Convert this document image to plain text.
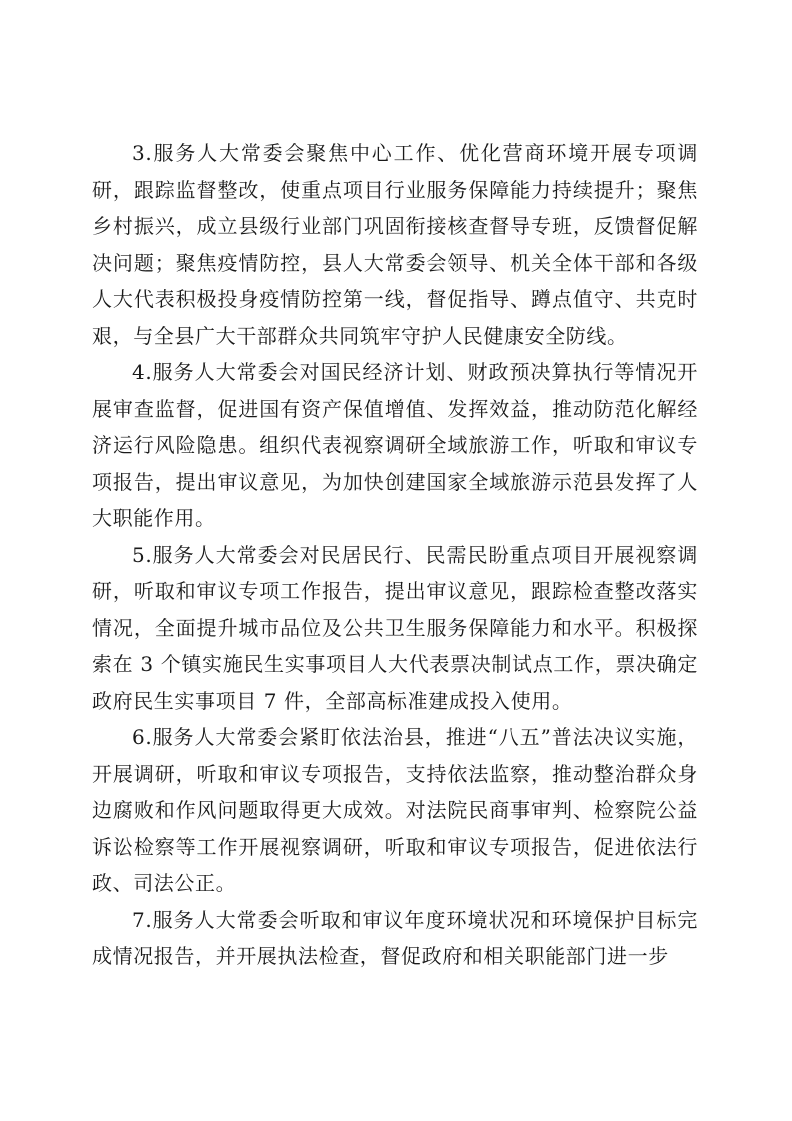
3.服务人大常委会聚焦中心工作、优化营商环境开展专项调研，跟踪监督整改，使重点项目行业服务保障能力持续提升；聚焦乡村振兴，成立县级行业部门巩固衔接核查督导专班，反馈督促解决问题；聚焦疫情防控，县人大常委会领导、机关全体干部和各级人大代表积极投身疫情防控第一线，督促指导、蹲点值守、共克时艰，与全县广大干部群众共同筑牢守护人民健康安全防线。

4.服务人大常委会对国民经济计划、财政预决算执行等情况开展审查监督，促进国有资产保值增值、发挥效益，推动防范化解经济运行风险隐患。组织代表视察调研全域旅游工作，听取和审议专项报告，提出审议意见，为加快创建国家全域旅游示范县发挥了人大职能作用。

5.服务人大常委会对民居民行、民需民盼重点项目开展视察调研，听取和审议专项工作报告，提出审议意见，跟踪检查整改落实情况，全面提升城市品位及公共卫生服务保障能力和水平。积极探索在 3 个镇实施民生实事项目人大代表票决制试点工作，票决确定政府民生实事项目 7 件，全部高标准建成投入使用。

6.服务人大常委会紧盯依法治县，推进“八五”普法决议实施，开展调研，听取和审议专项报告，支持依法监察，推动整治群众身边腐败和作风问题取得更大成效。对法院民商事审判、检察院公益诉讼检察等工作开展视察调研，听取和审议专项报告，促进依法行政、司法公正。

7.服务人大常委会听取和审议年度环境状况和环境保护目标完成情况报告，并开展执法检查，督促政府和相关职能部门进一步
